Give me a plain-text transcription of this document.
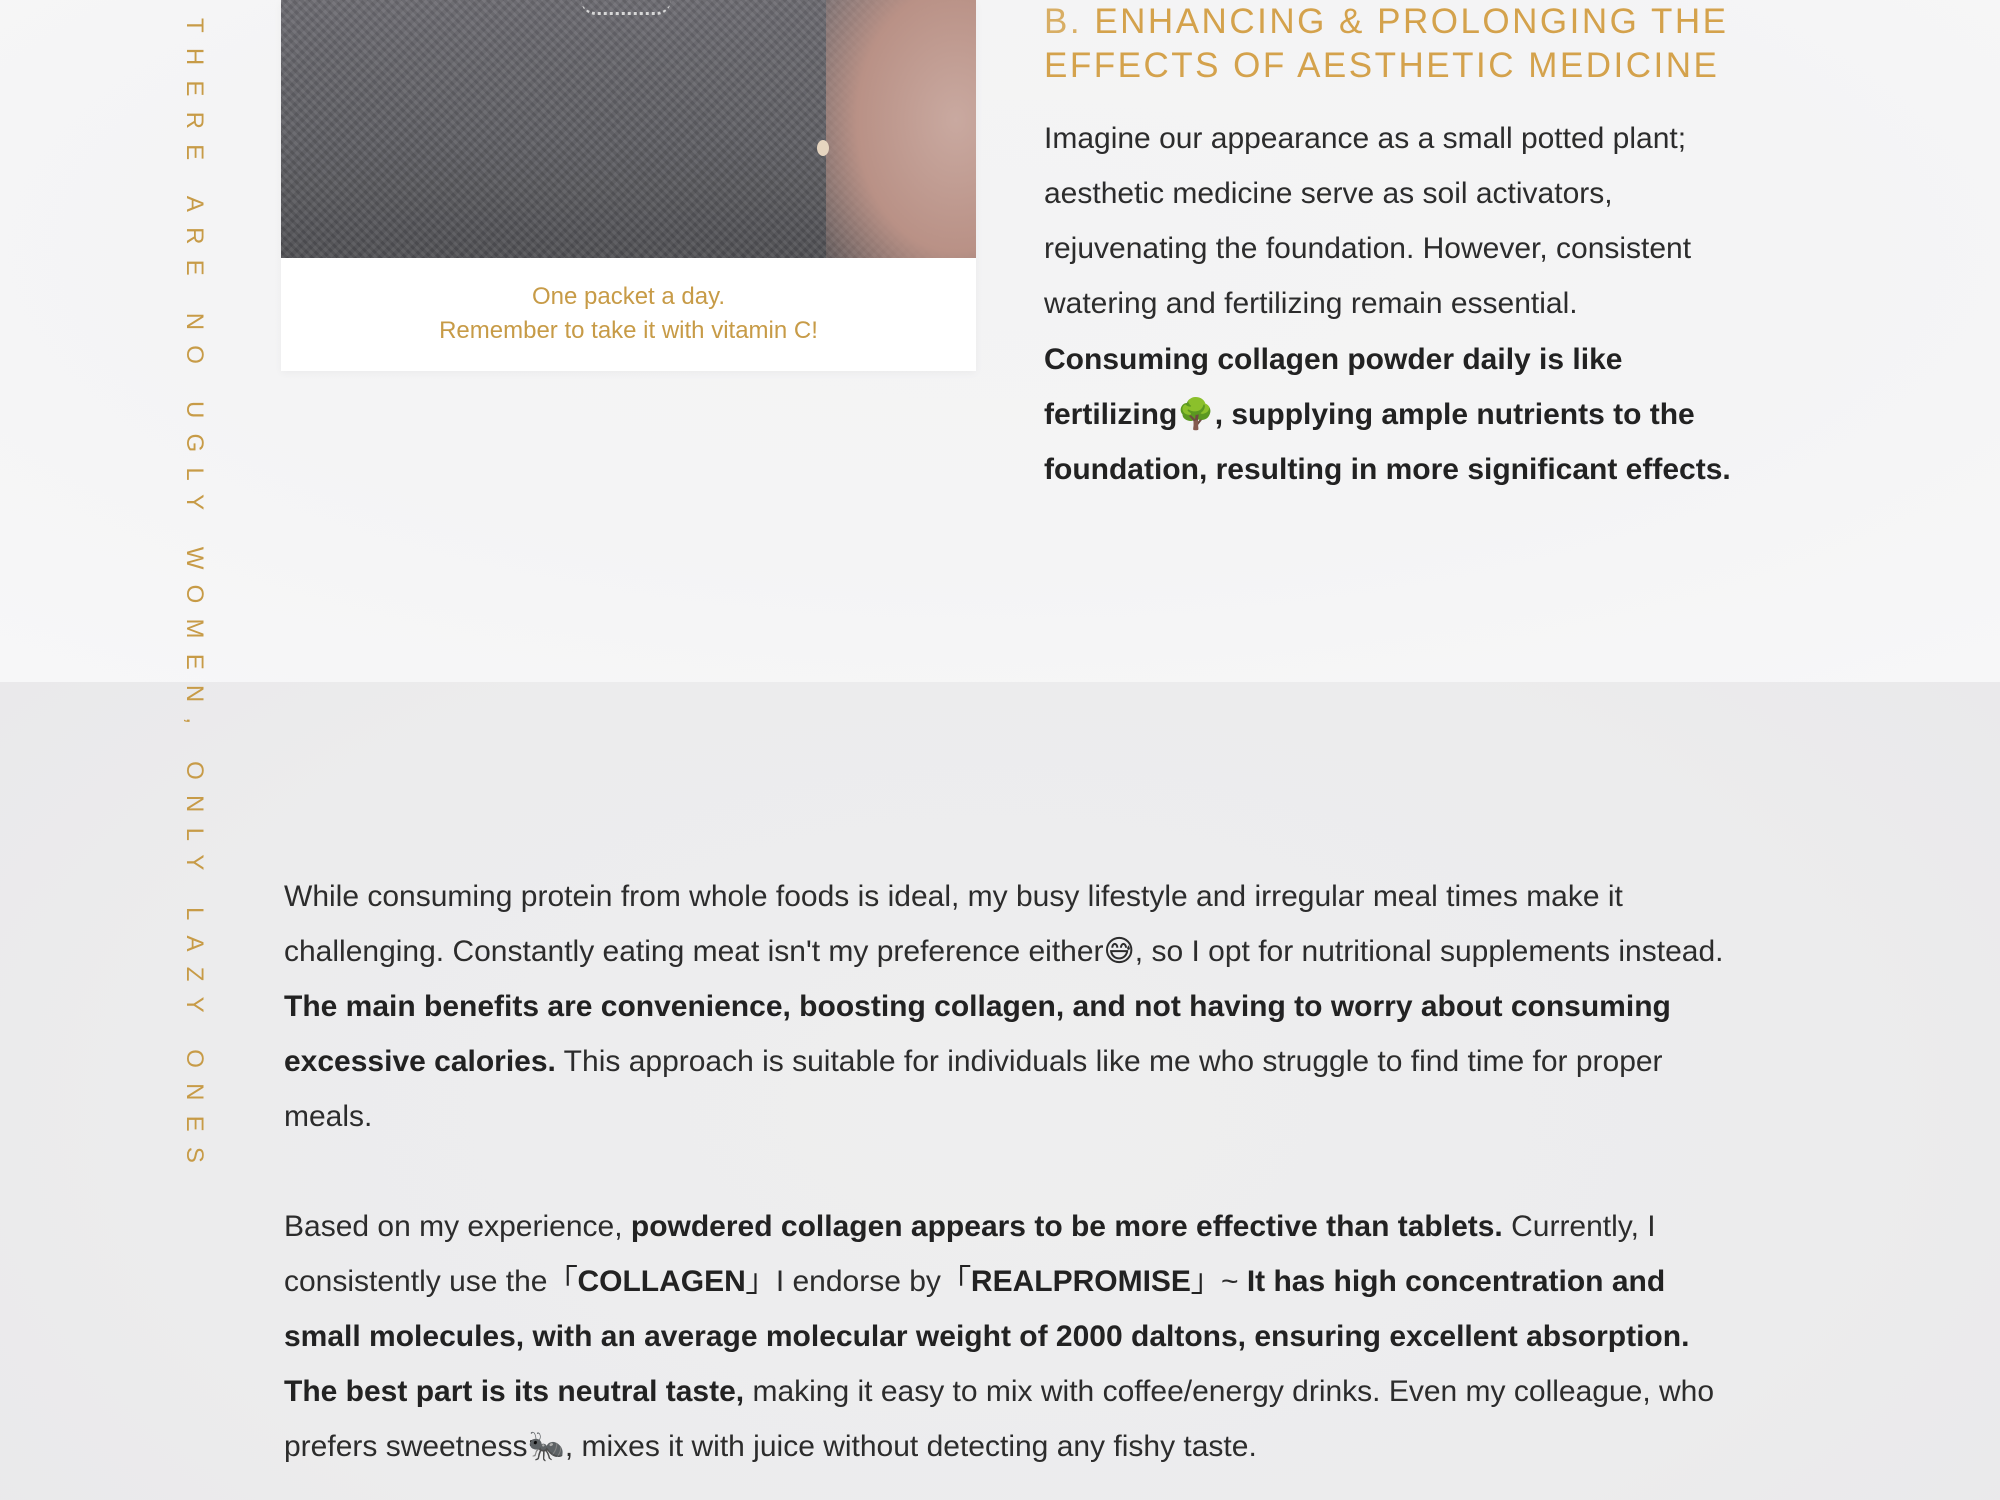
THERE ARE NO UGLY WOMEN, ONLY LAZY ONES	One packet a day.
Remember to take it with vitamin C!
B. ENHANCING & PROLONGING THE EFFECTS OF AESTHETIC MEDICINE

Imagine our appearance as a small potted plant; aesthetic medicine serve as soil activators, rejuvenating the foundation. However, consistent watering and fertilizing remain essential.

Consuming collagen powder daily is like fertilizing🌳, supplying ample nutrients to the foundation, resulting in more significant effects.

While consuming protein from whole foods is ideal, my busy lifestyle and irregular meal times make it challenging. Constantly eating meat isn't my preference either😅, so I opt for nutritional supplements instead. The main benefits are convenience, boosting collagen, and not having to worry about consuming excessive calories. This approach is suitable for individuals like me who struggle to find time for proper meals.

Based on my experience, powdered collagen appears to be more effective than tablets. Currently, I consistently use the「COLLAGEN」I endorse by「REALPROMISE」~ It has high concentration and small molecules, with an average molecular weight of 2000 daltons, ensuring excellent absorption. The best part is its neutral taste, making it easy to mix with coffee/energy drinks. Even my colleague, who prefers sweetness🐜, mixes it with juice without detecting any fishy taste.
